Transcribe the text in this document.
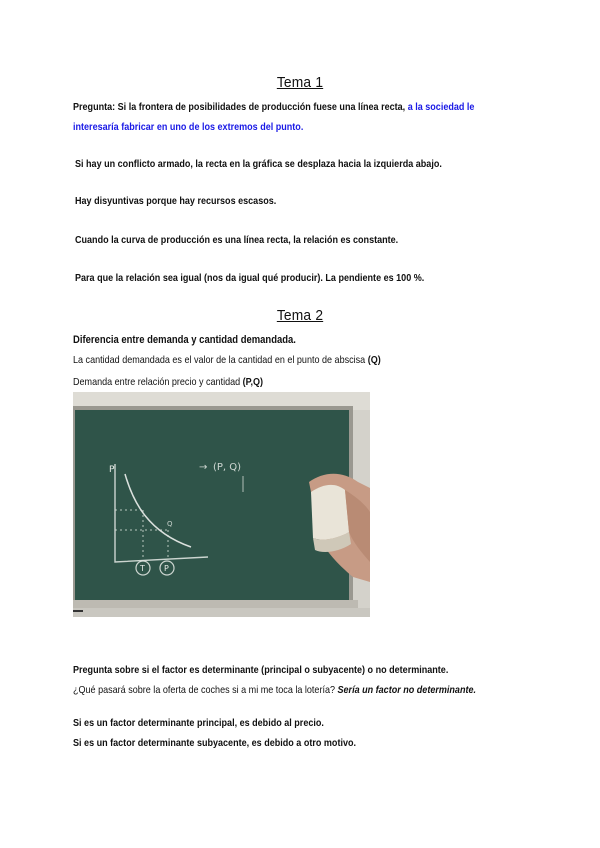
Tema 1
Pregunta: Si la frontera de posibilidades de producción fuese una línea recta, a la sociedad le
interesaría fabricar en uno de los extremos del punto.
Si hay un conflicto armado, la recta en la gráfica se desplaza hacia la izquierda abajo.
Hay disyuntivas porque hay recursos escasos.
Cuando la curva de producción es una línea recta, la relación es constante.
Para que la relación sea igual (nos da igual qué producir). La pendiente es 100 %.
Tema 2
Diferencia entre demanda y cantidad demandada.
La cantidad demandada es el valor de la cantidad en el punto de abscisa (Q)
Demanda entre relación precio y cantidad (P,Q)
P
Q
T P
→ (P, Q)
Pregunta sobre si el factor es determinante (principal o subyacente) o no determinante.
¿Qué pasará sobre la oferta de coches si a mi me toca la lotería? Sería un factor no determinante.
Si es un factor determinante principal, es debido al precio.
Si es un factor determinante subyacente, es debido a otro motivo.
